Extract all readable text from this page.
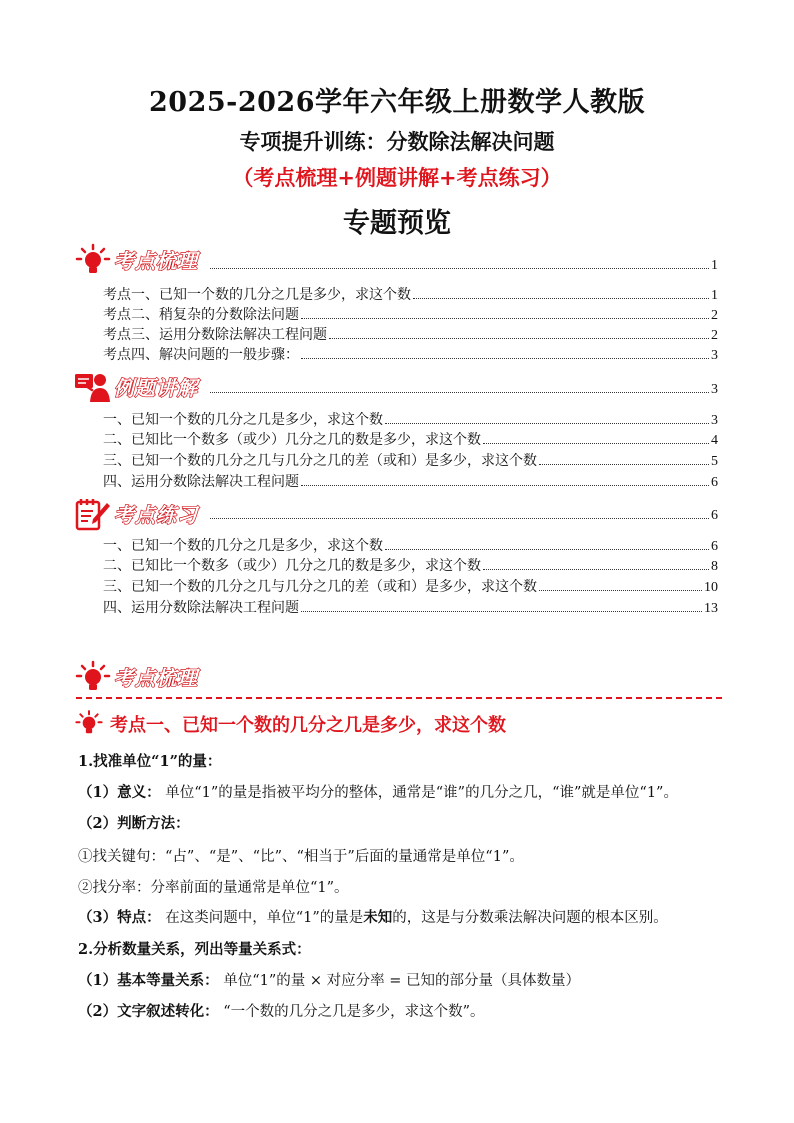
2025-2026学年六年级上册数学人教版
专项提升训练：分数除法解决问题
（考点梳理+例题讲解+考点练习）
专题预览
考点梳理	1
考点一、已知一个数的几分之几是多少，求这个数	1
考点二、稍复杂的分数除法问题	2
考点三、运用分数除法解决工程问题	2
考点四、解决问题的一般步骤：	3
例题讲解	3
一、已知一个数的几分之几是多少，求这个数	3
二、已知比一个数多（或少）几分之几的数是多少，求这个数	4
三、已知一个数的几分之几与几分之几的差（或和）是多少，求这个数	5
四、运用分数除法解决工程问题	6
考点练习	6
一、已知一个数的几分之几是多少，求这个数	6
二、已知比一个数多（或少）几分之几的数是多少，求这个数	8
三、已知一个数的几分之几与几分之几的差（或和）是多少，求这个数	10
四、运用分数除法解决工程问题	13
考点梳理
考点一、已知一个数的几分之几是多少，求这个数
1.找准单位“1”的量：
（1）意义： 单位“1”的量是指被平均分的整体，通常是“谁”的几分之几，“谁”就是单位“1”。
（2）判断方法：
①找关键句：“占”、“是”、“比”、“相当于”后面的量通常是单位“1”。
②找分率：分率前面的量通常是单位“1”。
（3）特点： 在这类问题中，单位“1”的量是未知的，这是与分数乘法解决问题的根本区别。
2.分析数量关系，列出等量关系式：
（1）基本等量关系： 单位“1”的量 × 对应分率 = 已知的部分量（具体数量）
（2）文字叙述转化： “一个数的几分之几是多少，求这个数”。
